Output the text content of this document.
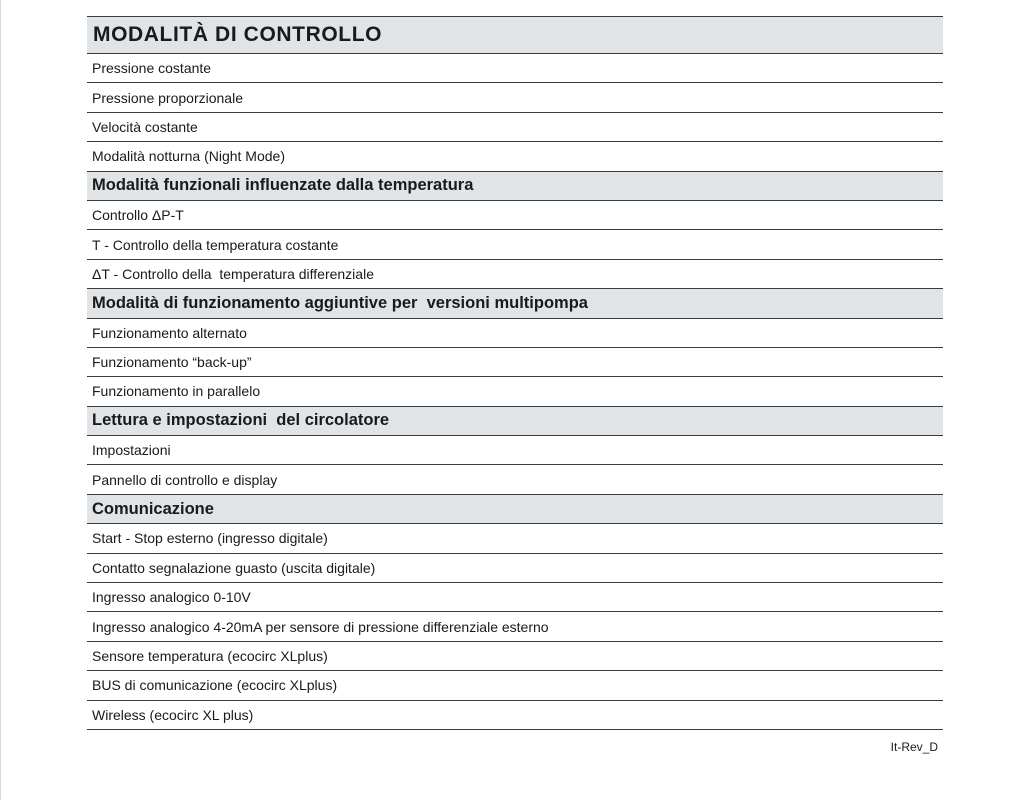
MODALITÀ DI CONTROLLO
Pressione costante
Pressione proporzionale
Velocità costante
Modalità notturna (Night Mode)
Modalità funzionali influenzate dalla temperatura
Controllo ΔP-T
T - Controllo della temperatura costante
ΔT - Controllo della  temperatura differenziale
Modalità di funzionamento aggiuntive per  versioni multipompa
Funzionamento alternato
Funzionamento “back-up”
Funzionamento in parallelo
Lettura e impostazioni  del circolatore
Impostazioni
Pannello di controllo e display
Comunicazione
Start - Stop esterno (ingresso digitale)
Contatto segnalazione guasto (uscita digitale)
Ingresso analogico 0-10V
Ingresso analogico 4-20mA per sensore di pressione differenziale esterno
Sensore temperatura (ecocirc XLplus)
BUS di comunicazione (ecocirc XLplus)
Wireless (ecocirc XL plus)
It-Rev_D
